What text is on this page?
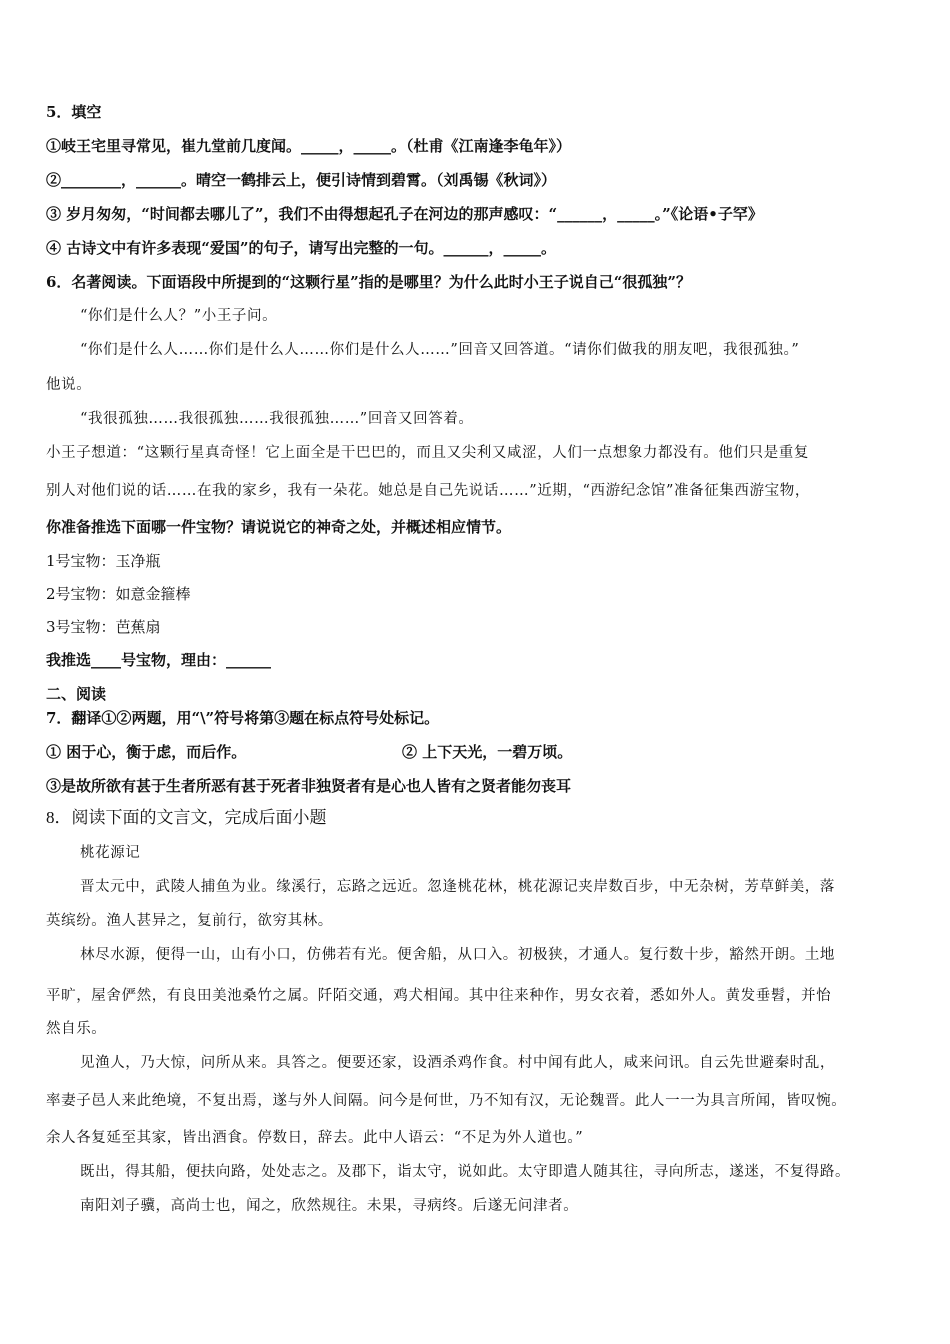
5．填空
①岐王宅里寻常见，崔九堂前几度闻。_____，_____。（杜甫《江南逢李龟年》）
②________，______。晴空一鹤排云上，便引诗情到碧霄。（刘禹锡《秋词》）
③ 岁月匆匆，“时间都去哪儿了”，我们不由得想起孔子在河边的那声感叹：“______，_____。”《论语•子罕》
④ 古诗文中有许多表现“爱国”的句子，请写出完整的一句。______，_____。
6．名著阅读。下面语段中所提到的“这颗行星”指的是哪里？为什么此时小王子说自己“很孤独”？
“你们是什么人？”小王子问。
“你们是什么人……你们是什么人……你们是什么人……”回音又回答道。“请你们做我的朋友吧，我很孤独。”
他说。
“我很孤独……我很孤独……我很孤独……”回音又回答着。
小王子想道：“这颗行星真奇怪！它上面全是干巴巴的，而且又尖利又咸涩，人们一点想象力都没有。他们只是重复
别人对他们说的话……在我的家乡，我有一朵花。她总是自己先说话……”近期，“西游纪念馆”准备征集西游宝物，
你准备推选下面哪一件宝物？请说说它的神奇之处，并概述相应情节。
1号宝物：玉净瓶
2号宝物：如意金箍棒
3号宝物：芭蕉扇
我推选____号宝物，理由：______
二、阅读
7．翻译①②两题，用“\”符号将第③题在标点符号处标记。
① 困于心，衡于虑，而后作。	② 上下天光，一碧万顷。
③是故所欲有甚于生者所恶有甚于死者非独贤者有是心也人皆有之贤者能勿丧耳
8．阅读下面的文言文，完成后面小题
桃花源记
晋太元中，武陵人捕鱼为业。缘溪行，忘路之远近。忽逢桃花林，桃花源记夹岸数百步，中无杂树，芳草鲜美，落
英缤纷。渔人甚异之，复前行，欲穷其林。
林尽水源，便得一山，山有小口，仿佛若有光。便舍船，从口入。初极狭，才通人。复行数十步，豁然开朗。土地
平旷，屋舍俨然，有良田美池桑竹之属。阡陌交通，鸡犬相闻。其中往来种作，男女衣着，悉如外人。黄发垂髫，并怡
然自乐。
见渔人，乃大惊，问所从来。具答之。便要还家，设酒杀鸡作食。村中闻有此人，咸来问讯。自云先世避秦时乱，
率妻子邑人来此绝境，不复出焉，遂与外人间隔。问今是何世，乃不知有汉，无论魏晋。此人一一为具言所闻，皆叹惋。
余人各复延至其家，皆出酒食。停数日，辞去。此中人语云：“不足为外人道也。”
既出，得其船，便扶向路，处处志之。及郡下，诣太守，说如此。太守即遣人随其往，寻向所志，遂迷，不复得路。
南阳刘子骥，高尚士也，闻之，欣然规往。未果，寻病终。后遂无问津者。
